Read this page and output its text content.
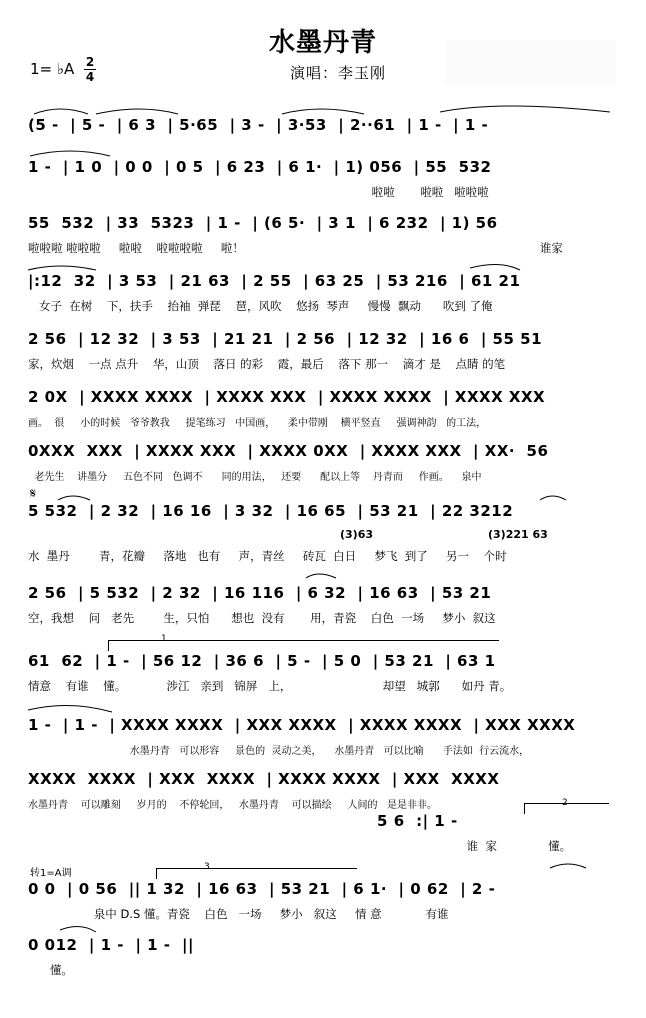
水墨丹青
1= ♭A 2
4	演唱：李玉刚
(5 -  | 5 -  | 6 3  | 5·65  | 3 -  | 3·53  | 2··61  | 1 -  | 1 -
1 -  | 1 0  | 0 0  | 0 5  | 6 23  | 6 1·  | 1) 056  | 55  532
啦啦       啦啦   啦啦啦
55  532  | 33  5323  | 1 -  | (6 5·  | 3 1  | 6 232  | 1) 56
啦啦啦 啦啦啦     啦啦    啦啦啦啦     啦！                                                                                 谁家
|:12  32  | 3 53  | 21 63  | 2 55  | 63 25  | 53 216  | 61 21
女子  在树    下，扶手    抬袖  弹琵    琶，风吹    悠扬  琴声     慢慢  飘动      吹到 了俺
2 56  | 12 32  | 3 53  | 21 21  | 2 56  | 12 32  | 16 6  | 55 51
家，炊烟    一点 点升    华，山顶    落日 的彩    霞，最后    落下 那一    滴才 是    点睛 的笔
2 0X  | XXXX XXXX  | XXXX XXX  | XXXX XXXX  | XXXX XXX
画。  很     小的时候   爷爷教我     提笔练习   中国画，    柔中带刚    横平竖直     强调神韵   的工法，
0XXX  XXX  | XXXX XXX  | XXXX 0XX  | XXXX XXX  | XX·  56
老先生    讲墨分     五色不同   色调不      同的用法，   还要      配以上等    丹青而     作画。    泉中
5 532  | 2 32  | 16 16  | 3 32  | 16 65  | 53 21  | 22 3212
水  墨丹        青，花瓣     落地   也有     声，青丝     砖瓦  白日     梦飞  到了     另一    个时
2 56  | 5 532  | 2 32  | 16 116  | 6 32  | 16 63  | 53 21
空，我想    问   老先        生，只怕      想也  没有       用，青瓷    白色  一场     梦小  叙这
61  62  | 1 -  | 56 12  | 36 6  | 5 -  | 5 0  | 53 21  | 63 1
情意    有谁    懂。           涉江   亲到   锦屏   上，                         却望   城郭      如丹 青。
1 -  | 1 -  | XXXX XXXX  | XXX XXXX  | XXXX XXXX  | XXX XXXX
水墨丹青   可以形容     景色的  灵动之美，    水墨丹青   可以比喻      手法如  行云流水，
XXXX  XXXX  | XXX  XXXX  | XXXX XXXX  | XXX  XXXX
水墨丹青    可以雕刻     岁月的    不停轮回，   水墨丹青    可以描绘     人间的   是是非非。
5 6  :| 1 -
谁  家              懂。
0 0  | 0 56  || 1 32  | 16 63  | 53 21  | 6 1·  | 0 62  | 2 -
泉中 D.S 懂。青瓷    白色   一场     梦小   叙这     情 意            有谁
0 012  | 1 -  | 1 -  ||
懂。
1
2
3
𝄋
转1=A调
(3)63	(3)221 63
